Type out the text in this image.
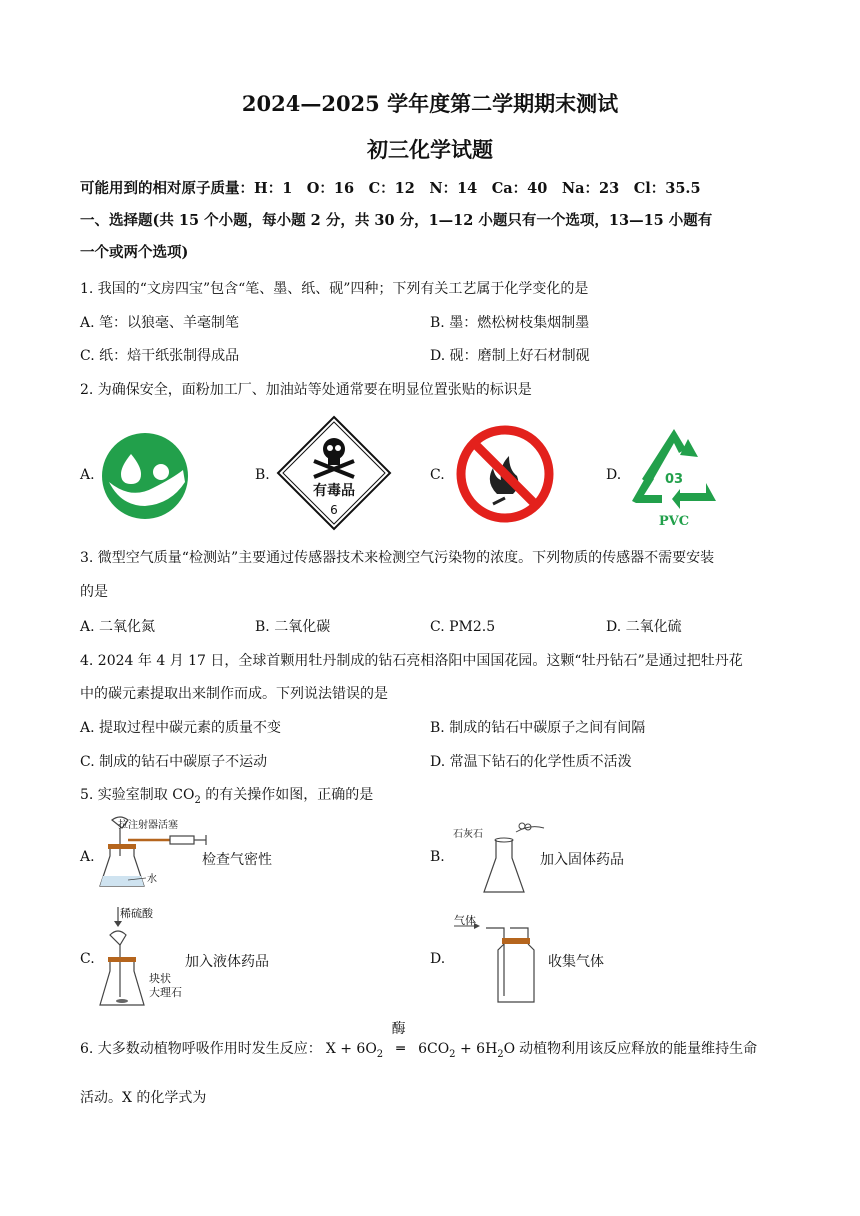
2024—2025 学年度第二学期期末测试
初三化学试题
可能用到的相对原子质量：H：1　O：16　C：12　N：14　Ca：40　Na：23　Cl：35.5
一、选择题(共 15 个小题，每小题 2 分，共 30 分，1—12 小题只有一个选项，13—15 小题有
一个或两个选项)
1. 我国的“文房四宝”包含“笔、墨、纸、砚”四种；下列有关工艺属于化学变化的是
A. 笔：以狼毫、羊毫制笔	B. 墨：燃松树枝集烟制墨
C. 纸：焙干纸张制得成品	D. 砚：磨制上好石材制砚
2. 为确保安全，面粉加工厂、加油站等处通常要在明显位置张贴的标识是
A.	B.	C.	D.
有毒品
6
03
PVC
3. 微型空气质量“检测站”主要通过传感器技术来检测空气污染物的浓度。下列物质的传感器不需要安装
的是
A. 二氧化氮	B. 二氧化碳	C. PM2.5	D. 二氧化硫
4. 2024 年 4 月 17 日，全球首颗用牡丹制成的钻石亮相洛阳中国国花园。这颗“牡丹钻石”是通过把牡丹花
中的碳元素提取出来制作而成。下列说法错误的是
A. 提取过程中碳元素的质量不变	B. 制成的钻石中碳原子之间有间隔
C. 制成的钻石中碳原子不运动	D. 常温下钻石的化学性质不活泼
5. 实验室制取 $CO_2$ 的有关操作如图，正确的是
A.
拉注射器活塞
水
检查气密性	B.
石灰石
加入固体药品
C.
稀硫酸
块状
大理石
加入液体药品	D.
气体
收集气体
6. 大多数动植物呼吸作用时发生反应： $X + 6O_2$
酶
═ $6CO_2 + 6H_2O$ 动植物利用该反应释放的能量维持生命
活动。X 的化学式为
